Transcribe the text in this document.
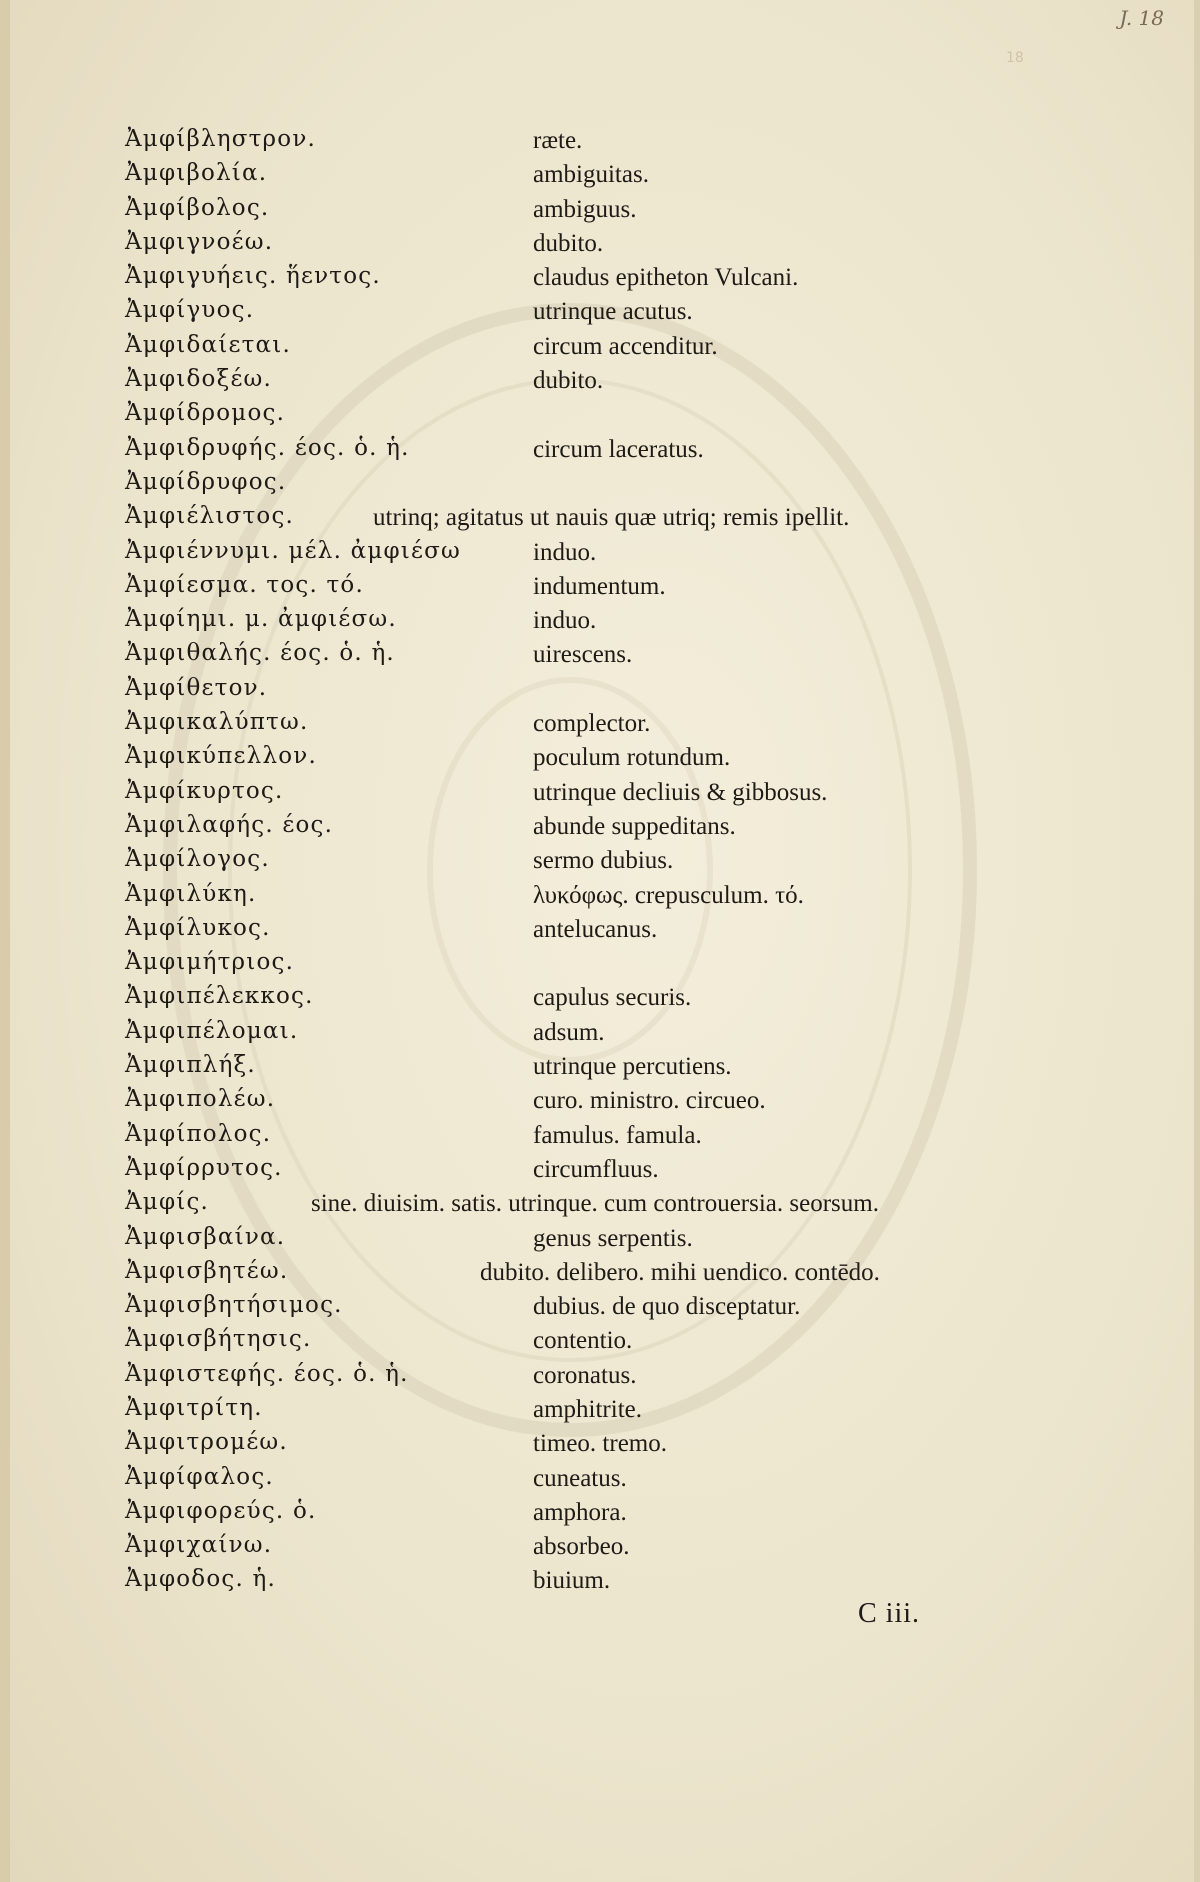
J. 18
18
Ἀμφίβληστρον.	ræte.
Ἀμφιβολία.	ambiguitas.
Ἀμφίβολος.	ambiguus.
Ἀμφιγνοέω.	dubito.
Ἀμφιγυήεις. ἥεντος.	claudus epitheton Vulcani.
Ἀμφίγυος.	utrinque acutus.
Ἀμφιδαίεται.	circum accenditur.
Ἀμφιδοξέω.	dubito.
Ἀμφίδρομος.
Ἀμφιδρυφής. έος. ὁ. ἡ.	circum laceratus.
Ἀμφίδρυφος.
Ἀμφιέλιστος.	utrinq; agitatus ut nauis quæ utriq; remis ipellit.
Ἀμφιέννυμι. μέλ. ἀμφιέσω	induo.
Ἀμφίεσμα. τος. τό.	indumentum.
Ἀμφίημι. μ. ἀμφιέσω.	induo.
Ἀμφιθαλής. έος. ὁ. ἡ.	uirescens.
Ἀμφίθετον.
Ἀμφικαλύπτω.	complector.
Ἀμφικύπελλον.	poculum rotundum.
Ἀμφίκυρτος.	utrinque decliuis & gibbosus.
Ἀμφιλαφής. έος.	abunde suppeditans.
Ἀμφίλογος.	sermo dubius.
Ἀμφιλύκη.	λυκόφως. crepusculum. τό.
Ἀμφίλυκος.	antelucanus.
Ἀμφιμήτριος.
Ἀμφιπέλεκκος.	capulus securis.
Ἀμφιπέλομαι.	adsum.
Ἀμφιπλήξ.	utrinque percutiens.
Ἀμφιπολέω.	curo. ministro. circueo.
Ἀμφίπολος.	famulus. famula.
Ἀμφίρρυτος.	circumfluus.
Ἀμφίς.	sine. diuisim. satis. utrinque. cum controuersia. seorsum.
Ἀμφισβαίνα.	genus serpentis.
Ἀμφισβητέω.	dubito. delibero. mihi uendico. contēdo.
Ἀμφισβητήσιμος.	dubius. de quo disceptatur.
Ἀμφισβήτησις.	contentio.
Ἀμφιστεφής. έος. ὁ. ἡ.	coronatus.
Ἀμφιτρίτη.	amphitrite.
Ἀμφιτρομέω.	timeo. tremo.
Ἀμφίφαλος.	cuneatus.
Ἀμφιφορεύς. ὁ.	amphora.
Ἀμφιχαίνω.	absorbeo.
Ἀμφοδος. ἡ.	biuium.
C iii.
